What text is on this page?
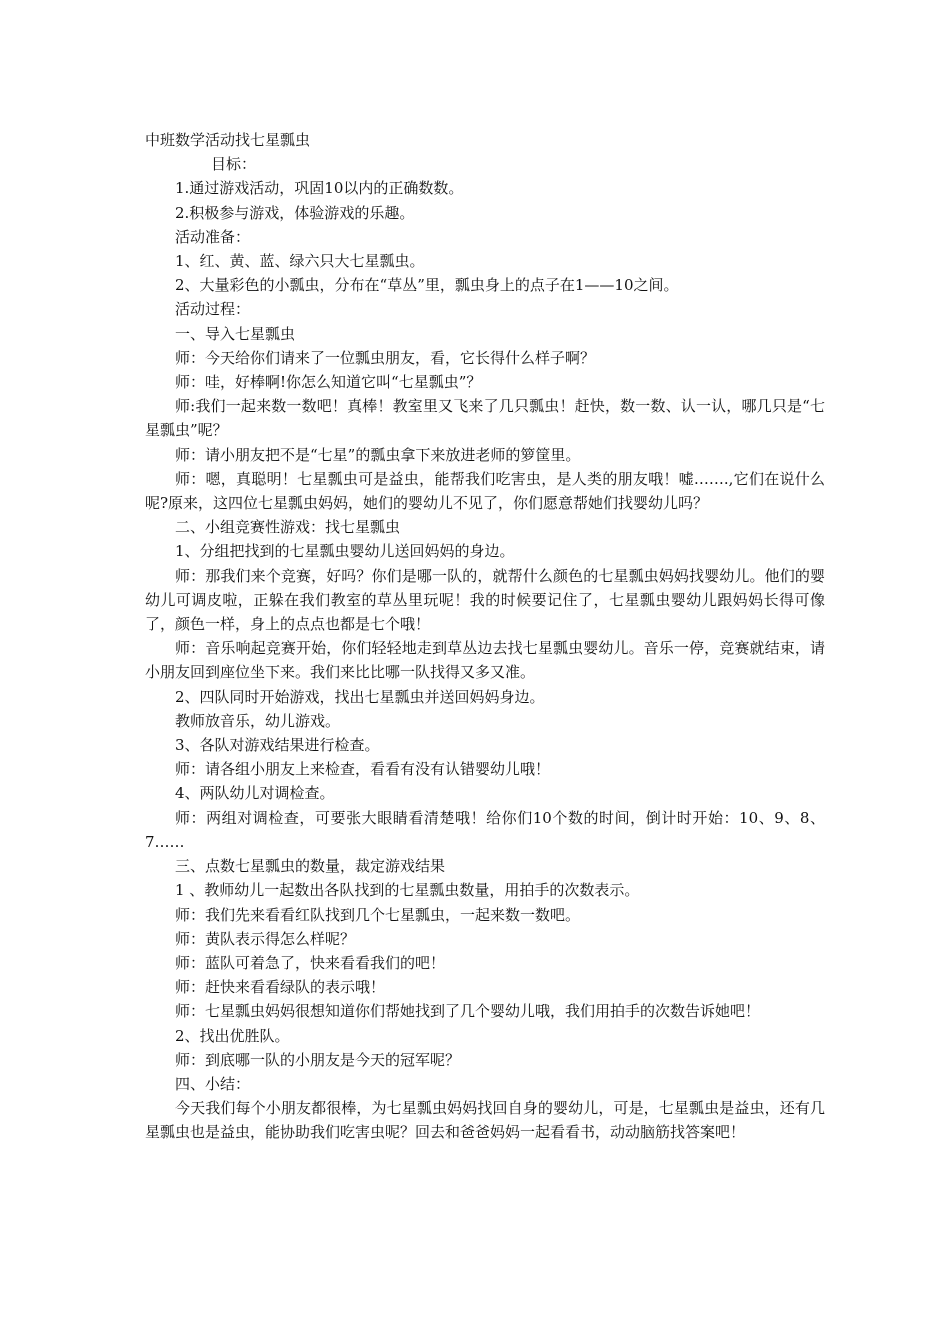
中班数学活动找七星瓢虫

目标：

1.通过游戏活动，巩固10以内的正确数数。

2.积极参与游戏，体验游戏的乐趣。

活动准备：

1、红、黄、蓝、绿六只大七星瓢虫。

2、大量彩色的小瓢虫，分布在“草丛”里，瓢虫身上的点子在1——10之间。

活动过程：

一、导入七星瓢虫

师：今天给你们请来了一位瓢虫朋友，看，它长得什么样子啊？

师：哇，好棒啊!你怎么知道它叫“七星瓢虫”？

师:我们一起来数一数吧！真棒！教室里又飞来了几只瓢虫！赶快，数一数、认一认，哪几只是“七星瓢虫”呢？

师：请小朋友把不是“七星”的瓢虫拿下来放进老师的箩筐里。

师：嗯，真聪明！七星瓢虫可是益虫，能帮我们吃害虫，是人类的朋友哦！嘘…….,它们在说什么呢?原来，这四位七星瓢虫妈妈，她们的婴幼儿不见了，你们愿意帮她们找婴幼儿吗？

二、小组竞赛性游戏：找七星瓢虫

1、分组把找到的七星瓢虫婴幼儿送回妈妈的身边。

师：那我们来个竞赛，好吗？你们是哪一队的，就帮什么颜色的七星瓢虫妈妈找婴幼儿。他们的婴幼儿可调皮啦，正躲在我们教室的草丛里玩呢！我的时候要记住了，七星瓢虫婴幼儿跟妈妈长得可像了，颜色一样，身上的点点也都是七个哦！

师：音乐响起竞赛开始，你们轻轻地走到草丛边去找七星瓢虫婴幼儿。音乐一停，竞赛就结束，请小朋友回到座位坐下来。我们来比比哪一队找得又多又准。

2、四队同时开始游戏，找出七星瓢虫并送回妈妈身边。

教师放音乐，幼儿游戏。

3、各队对游戏结果进行检查。

师：请各组小朋友上来检查，看看有没有认错婴幼儿哦！

4、两队幼儿对调检查。

师：两组对调检查，可要张大眼睛看清楚哦！给你们10个数的时间，倒计时开始：10、9、8、7……

三、点数七星瓢虫的数量，裁定游戏结果

1 、教师幼儿一起数出各队找到的七星瓢虫数量，用拍手的次数表示。

师：我们先来看看红队找到几个七星瓢虫，一起来数一数吧。

师：黄队表示得怎么样呢？

师：蓝队可着急了，快来看看我们的吧！

师：赶快来看看绿队的表示哦！

师：七星瓢虫妈妈很想知道你们帮她找到了几个婴幼儿哦，我们用拍手的次数告诉她吧！

2、找出优胜队。

师：到底哪一队的小朋友是今天的冠军呢？

四、小结：

今天我们每个小朋友都很棒，为七星瓢虫妈妈找回自身的婴幼儿，可是，七星瓢虫是益虫，还有几星瓢虫也是益虫，能协助我们吃害虫呢？回去和爸爸妈妈一起看看书，动动脑筋找答案吧！
